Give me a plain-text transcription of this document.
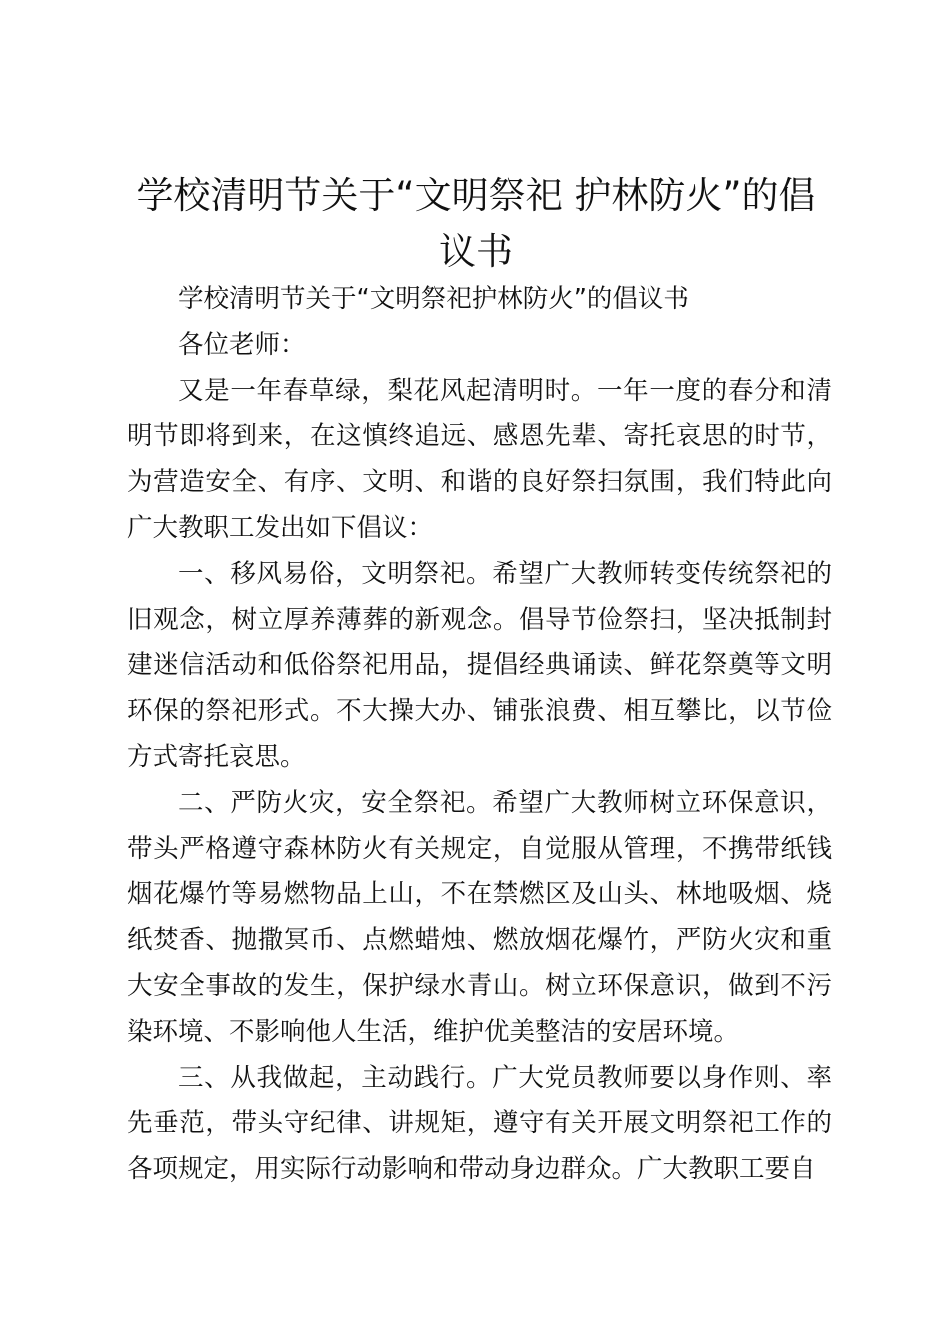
学校清明节关于“文明祭祀 护林防火”的倡议书

学校清明节关于“文明祭祀护林防火”的倡议书

各位老师：

又是一年春草绿，梨花风起清明时。一年一度的春分和清明节即将到来，在这慎终追远、感恩先辈、寄托哀思的时节，为营造安全、有序、文明、和谐的良好祭扫氛围，我们特此向广大教职工发出如下倡议：

一、移风易俗，文明祭祀。希望广大教师转变传统祭祀的旧观念，树立厚养薄葬的新观念。倡导节俭祭扫，坚决抵制封建迷信活动和低俗祭祀用品，提倡经典诵读、鲜花祭奠等文明环保的祭祀形式。不大操大办、铺张浪费、相互攀比，以节俭方式寄托哀思。

二、严防火灾，安全祭祀。希望广大教师树立环保意识，带头严格遵守森林防火有关规定，自觉服从管理，不携带纸钱烟花爆竹等易燃物品上山，不在禁燃区及山头、林地吸烟、烧纸焚香、抛撒冥币、点燃蜡烛、燃放烟花爆竹，严防火灾和重大安全事故的发生，保护绿水青山。树立环保意识，做到不污染环境、不影响他人生活，维护优美整洁的安居环境。

三、从我做起，主动践行。广大党员教师要以身作则、率先垂范，带头守纪律、讲规矩，遵守有关开展文明祭祀工作的各项规定，用实际行动影响和带动身边群众。广大教职工要自
